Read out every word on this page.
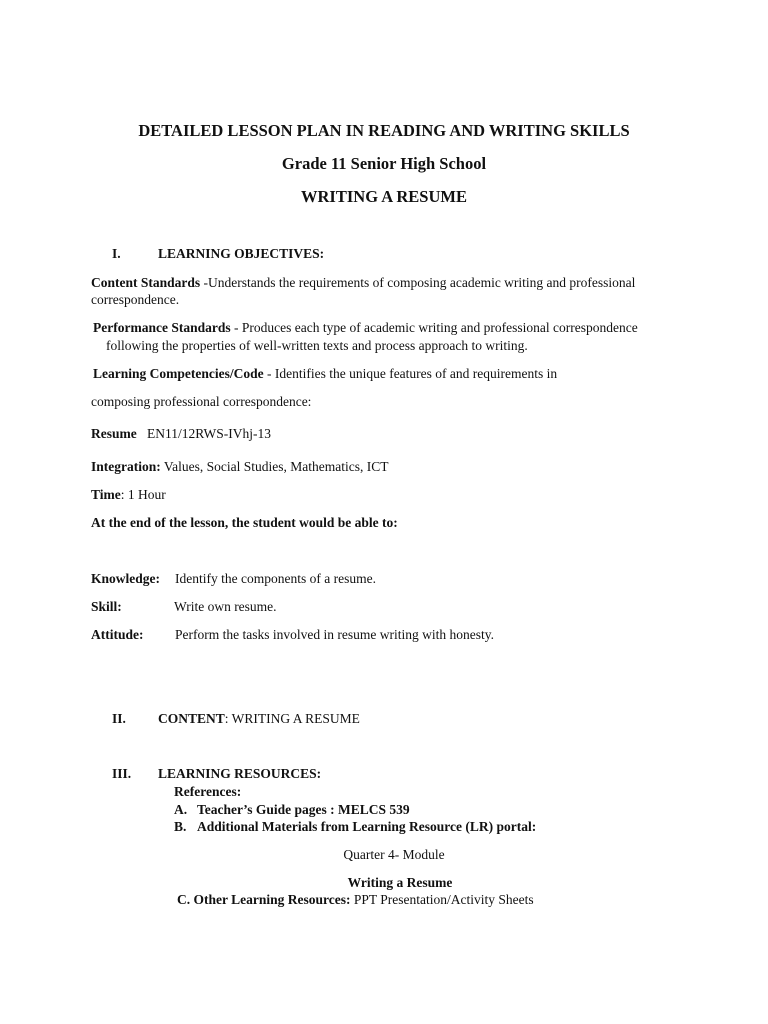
DETAILED LESSON PLAN IN READING AND WRITING SKILLS
Grade 11 Senior High School
WRITING A RESUME
I.	LEARNING OBJECTIVES:
Content Standards -Understands the requirements of composing academic writing and professional
correspondence.
Performance Standards - Produces each type of academic writing and professional correspondence
following the properties of well-written texts and process approach to writing.
Learning Competencies/Code - Identifies the unique features of and requirements in
composing professional correspondence:
Resume EN11/12RWS-IVhj-13
Integration: Values, Social Studies, Mathematics, ICT
Time: 1 Hour
At the end of the lesson, the student would be able to:
Knowledge: Identify the components of a resume.
Skill:	Write own resume.
Attitude: Perform the tasks involved in resume writing with honesty.
II. CONTENT: WRITING A RESUME
III. LEARNING RESOURCES:
References:
A. Teacher’s Guide pages : MELCS 539
B. Additional Materials from Learning Resource (LR) portal:
Quarter 4- Module
Writing a Resume
C. Other Learning Resources: PPT Presentation/Activity Sheets
